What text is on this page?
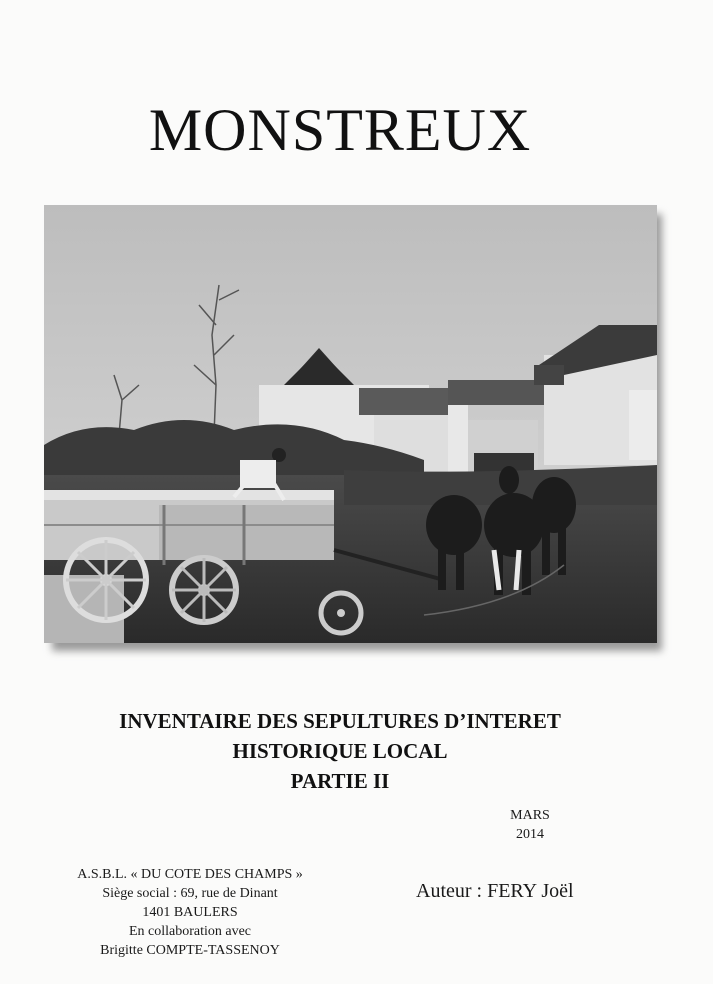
MONSTREUX
INVENTAIRE DES SEPULTURES D’INTERET
HISTORIQUE LOCAL
PARTIE II
MARS
2014
A.S.B.L. « DU COTE DES CHAMPS »
Siège social : 69, rue de Dinant
1401 BAULERS
En collaboration avec
Brigitte COMPTE-TASSENOY
Auteur : FERY Joël
